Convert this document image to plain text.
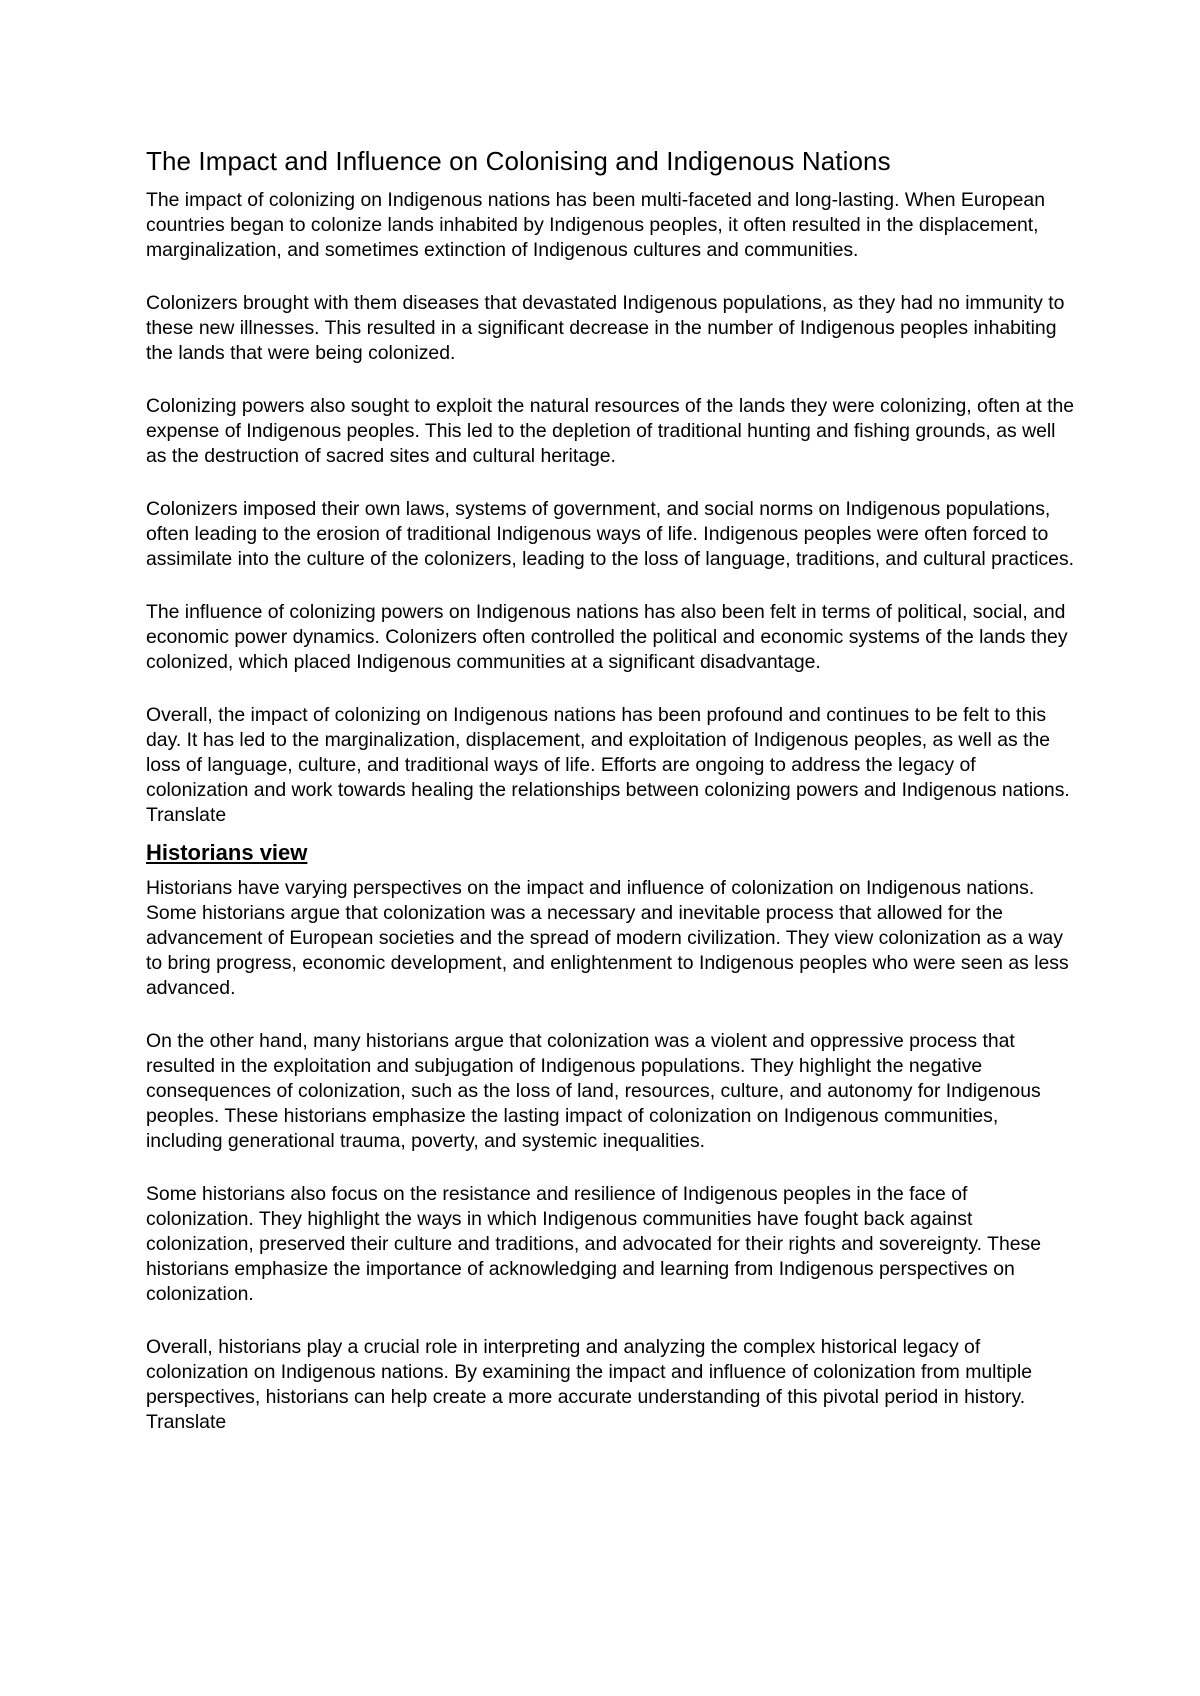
The Impact and Influence on Colonising and Indigenous Nations

The impact of colonizing on Indigenous nations has been multi-faceted and long-lasting. When European countries began to colonize lands inhabited by Indigenous peoples, it often resulted in the displacement, marginalization, and sometimes extinction of Indigenous cultures and communities.

Colonizers brought with them diseases that devastated Indigenous populations, as they had no immunity to these new illnesses. This resulted in a significant decrease in the number of Indigenous peoples inhabiting the lands that were being colonized.

Colonizing powers also sought to exploit the natural resources of the lands they were colonizing, often at the expense of Indigenous peoples. This led to the depletion of traditional hunting and fishing grounds, as well as the destruction of sacred sites and cultural heritage.

Colonizers imposed their own laws, systems of government, and social norms on Indigenous populations, often leading to the erosion of traditional Indigenous ways of life. Indigenous peoples were often forced to assimilate into the culture of the colonizers, leading to the loss of language, traditions, and cultural practices.

The influence of colonizing powers on Indigenous nations has also been felt in terms of political, social, and economic power dynamics. Colonizers often controlled the political and economic systems of the lands they colonized, which placed Indigenous communities at a significant disadvantage.

Overall, the impact of colonizing on Indigenous nations has been profound and continues to be felt to this day. It has led to the marginalization, displacement, and exploitation of Indigenous peoples, as well as the loss of language, culture, and traditional ways of life. Efforts are ongoing to address the legacy of colonization and work towards healing the relationships between colonizing powers and Indigenous nations.

Translate
Historians view

Historians have varying perspectives on the impact and influence of colonization on Indigenous nations. Some historians argue that colonization was a necessary and inevitable process that allowed for the advancement of European societies and the spread of modern civilization. They view colonization as a way to bring progress, economic development, and enlightenment to Indigenous peoples who were seen as less advanced.

On the other hand, many historians argue that colonization was a violent and oppressive process that resulted in the exploitation and subjugation of Indigenous populations. They highlight the negative consequences of colonization, such as the loss of land, resources, culture, and autonomy for Indigenous peoples. These historians emphasize the lasting impact of colonization on Indigenous communities, including generational trauma, poverty, and systemic inequalities.

Some historians also focus on the resistance and resilience of Indigenous peoples in the face of colonization. They highlight the ways in which Indigenous communities have fought back against colonization, preserved their culture and traditions, and advocated for their rights and sovereignty. These historians emphasize the importance of acknowledging and learning from Indigenous perspectives on colonization.

Overall, historians play a crucial role in interpreting and analyzing the complex historical legacy of colonization on Indigenous nations. By examining the impact and influence of colonization from multiple perspectives, historians can help create a more accurate understanding of this pivotal period in history.

Translate
